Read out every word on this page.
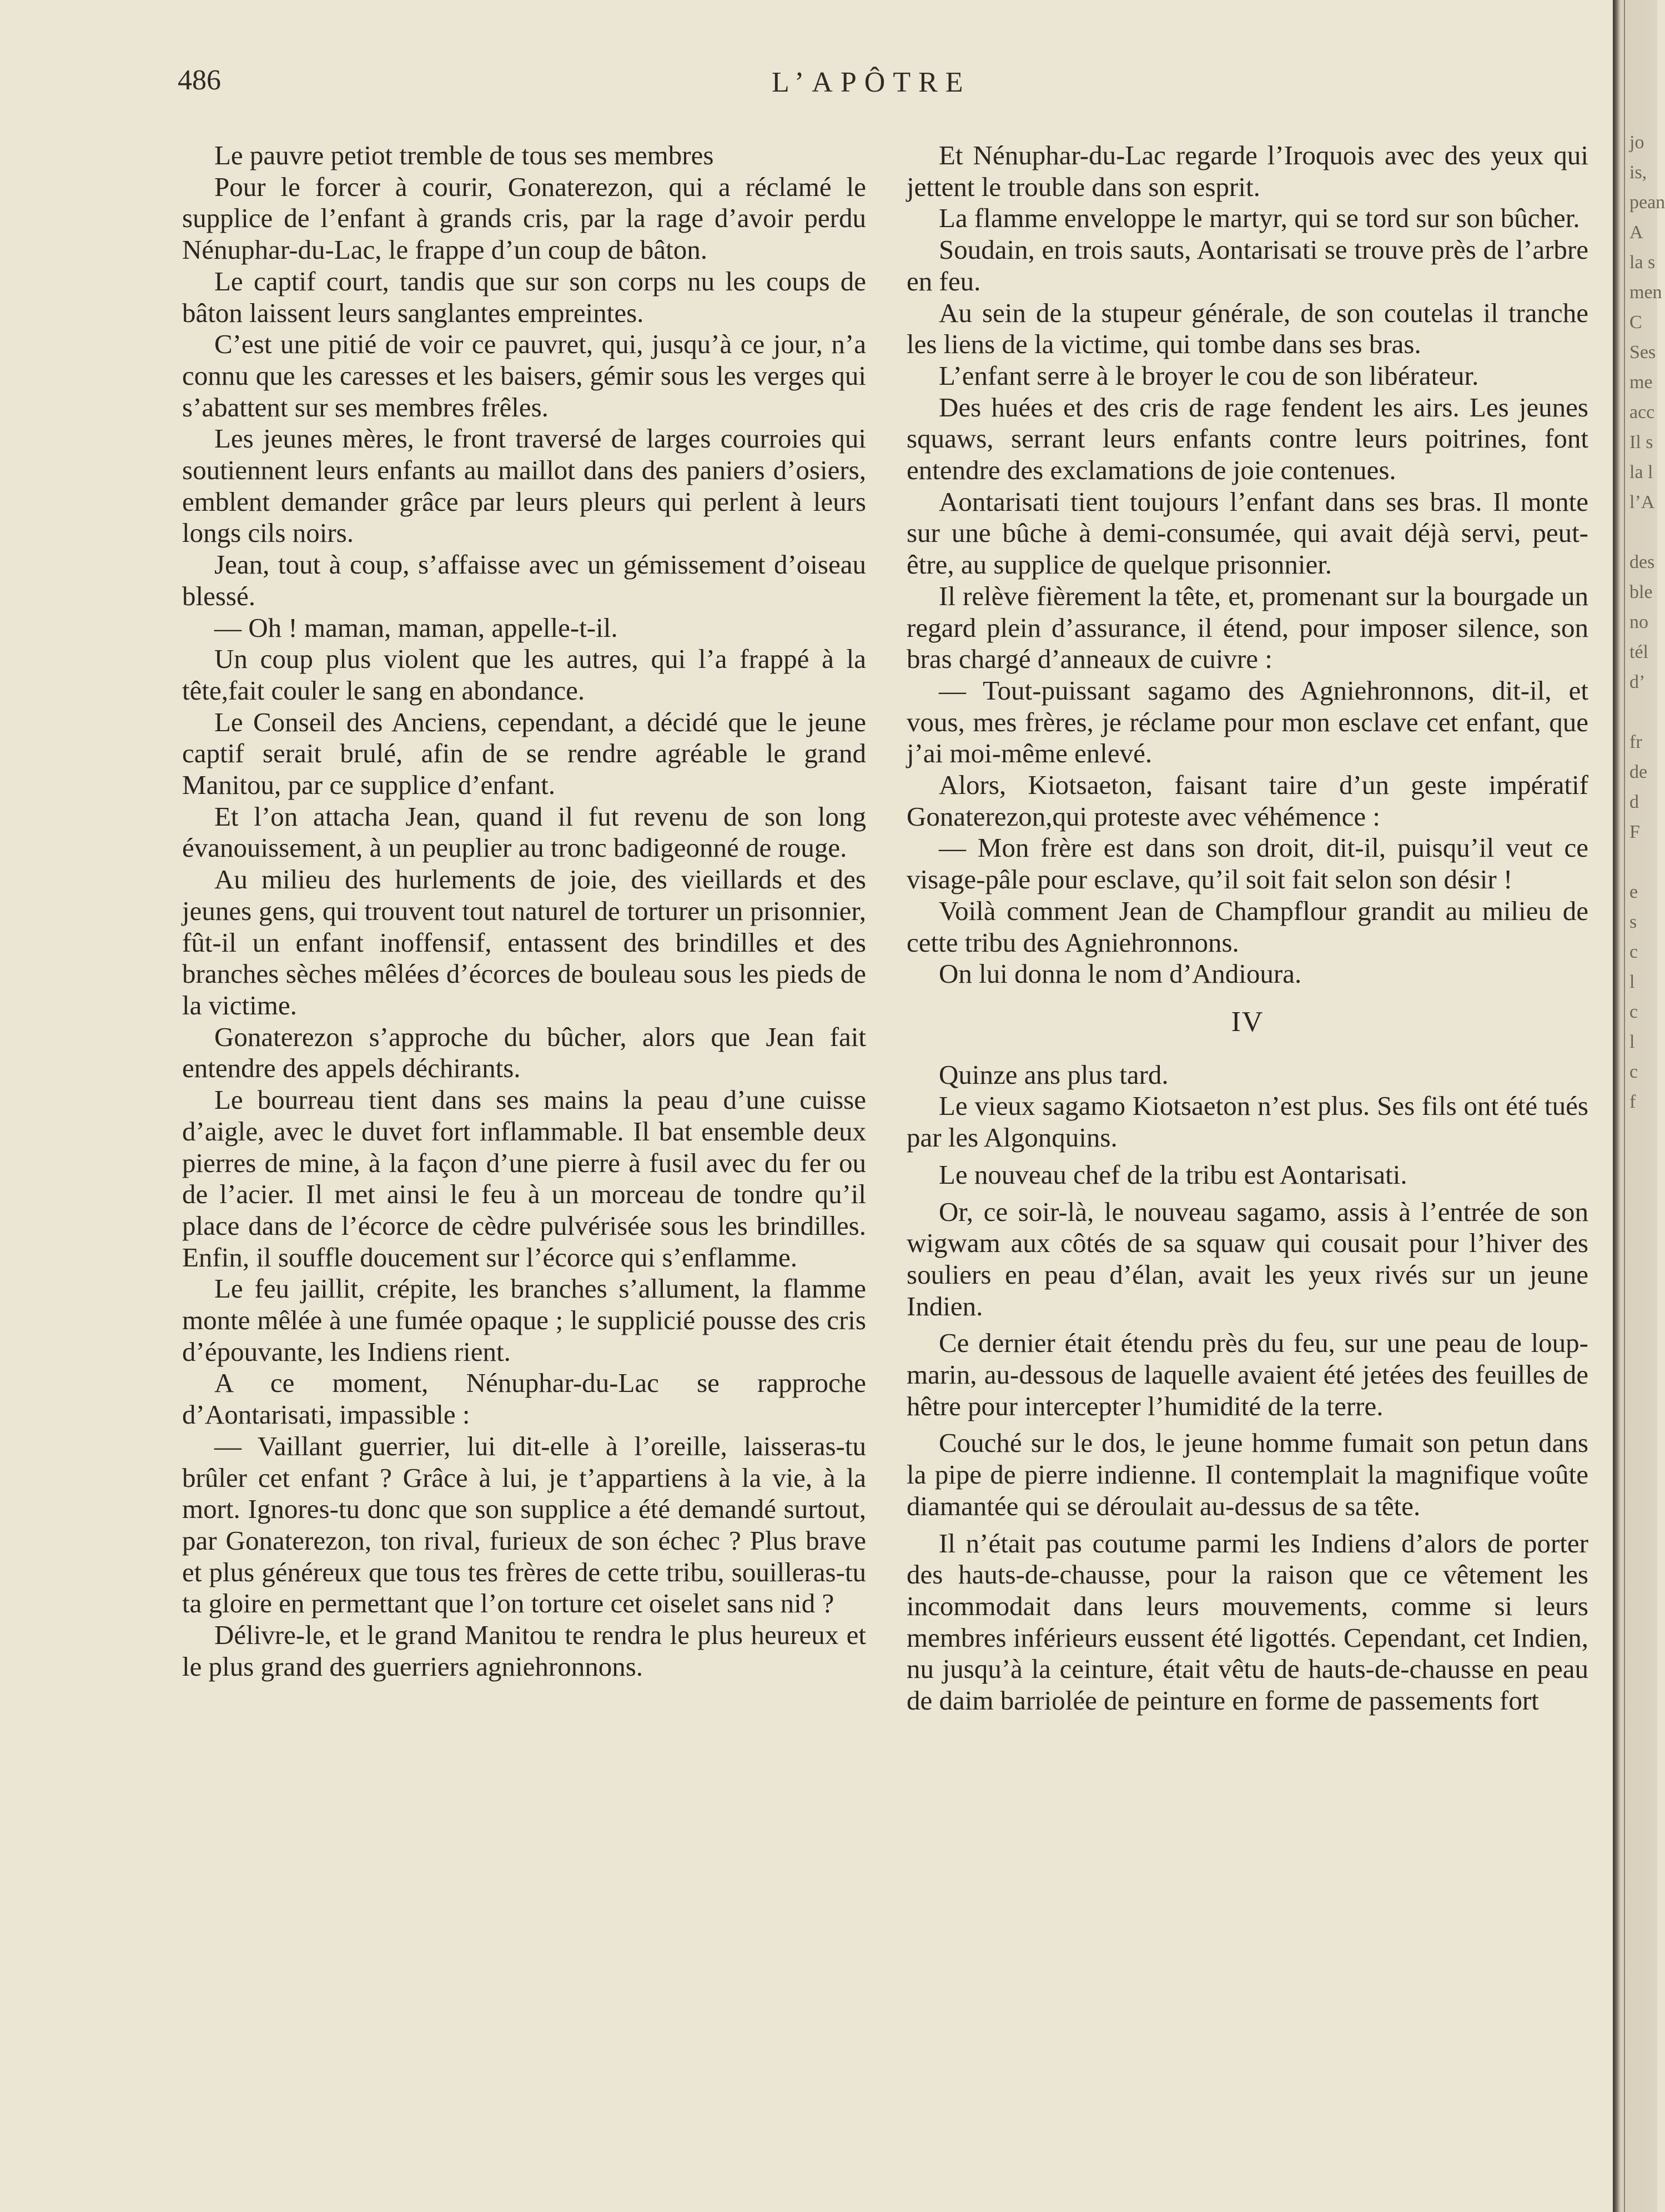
486	L’APÔTRE

Le pauvre petiot tremble de tous ses membres

Pour le forcer à courir, Gonaterezon, qui a réclamé le supplice de l’enfant à grands cris, par la rage d’avoir perdu Nénuphar-du-Lac, le frappe d’un coup de bâton.

Le captif court, tandis que sur son corps nu les coups de bâton laissent leurs sanglantes empreintes.

C’est une pitié de voir ce pauvret, qui, jusqu’à ce jour, n’a connu que les caresses et les baisers, gémir sous les verges qui s’abattent sur ses membres frêles.

Les jeunes mères, le front traversé de larges courroies qui soutiennent leurs enfants au maillot dans des paniers d’osiers, emblent demander grâce par leurs pleurs qui perlent à leurs longs cils noirs.

Jean, tout à coup, s’affaisse avec un gémissement d’oiseau blessé.

— Oh ! maman, maman, appelle-t-il.

Un coup plus violent que les autres, qui l’a frappé à la tête,fait couler le sang en abondance.

Le Conseil des Anciens, cependant, a décidé que le jeune captif serait brulé, afin de se rendre agréable le grand Manitou, par ce supplice d’enfant.

Et l’on attacha Jean, quand il fut revenu de son long évanouissement, à un peuplier au tronc badigeonné de rouge.

Au milieu des hurlements de joie, des vieillards et des jeunes gens, qui trouvent tout naturel de torturer un prisonnier, fût-il un enfant inoffensif, entassent des brindilles et des branches sèches mêlées d’écorces de bouleau sous les pieds de la victime.

Gonaterezon s’approche du bûcher, alors que Jean fait entendre des appels déchirants.

Le bourreau tient dans ses mains la peau d’une cuisse d’aigle, avec le duvet fort inflammable. Il bat ensemble deux pierres de mine, à la façon d’une pierre à fusil avec du fer ou de l’acier. Il met ainsi le feu à un morceau de tondre qu’il place dans de l’écorce de cèdre pulvérisée sous les brindilles. Enfin, il souffle doucement sur l’écorce qui s’enflamme.

Le feu jaillit, crépite, les branches s’allument, la flamme monte mêlée à une fumée opaque ; le supplicié pousse des cris d’épouvante, les Indiens rient.

A ce moment, Nénuphar-du-Lac se rapproche d’Aontarisati, impassible :

— Vaillant guerrier, lui dit-elle à l’oreille, laisseras-tu brûler cet enfant ? Grâce à lui, je t’appartiens à la vie, à la mort. Ignores-tu donc que son supplice a été demandé surtout, par Gonaterezon, ton rival, furieux de son échec ? Plus brave et plus généreux que tous tes frères de cette tribu, souilleras-tu ta gloire en permettant que l’on torture cet oiselet sans nid ?

Délivre-le, et le grand Manitou te rendra le plus heureux et le plus grand des guerriers agniehronnons.

Et Nénuphar-du-Lac regarde l’Iroquois avec des yeux qui jettent le trouble dans son esprit.

La flamme enveloppe le martyr, qui se tord sur son bûcher.

Soudain, en trois sauts, Aontarisati se trouve près de l’arbre en feu.

Au sein de la stupeur générale, de son coutelas il tranche les liens de la victime, qui tombe dans ses bras.

L’enfant serre à le broyer le cou de son libérateur.

Des huées et des cris de rage fendent les airs. Les jeunes squaws, serrant leurs enfants contre leurs poitrines, font entendre des exclamations de joie contenues.

Aontarisati tient toujours l’enfant dans ses bras. Il monte sur une bûche à demi-consumée, qui avait déjà servi, peut- être, au supplice de quelque prisonnier.

Il relève fièrement la tête, et, promenant sur la bourgade un regard plein d’assurance, il étend, pour imposer silence, son bras chargé d’anneaux de cuivre :

— Tout-puissant sagamo des Agniehronnons, dit-il, et vous, mes frères, je réclame pour mon esclave cet enfant, que j’ai moi-même enlevé.

Alors, Kiotsaeton, faisant taire d’un geste impératif Gonaterezon,qui proteste avec véhémence :

— Mon frère est dans son droit, dit-il, puisqu’il veut ce visage-pâle pour esclave, qu’il soit fait selon son désir !

Voilà comment Jean de Champflour grandit au milieu de cette tribu des Agniehronnons.

On lui donna le nom d’Andioura.

IV

Quinze ans plus tard.

Le vieux sagamo Kiotsaeton n’est plus. Ses fils ont été tués par les Algonquins.

Le nouveau chef de la tribu est Aontarisati.

Or, ce soir-là, le nouveau sagamo, assis à l’entrée de son wigwam aux côtés de sa squaw qui cousait pour l’hiver des souliers en peau d’élan, avait les yeux rivés sur un jeune Indien.

Ce dernier était étendu près du feu, sur une peau de loup-marin, au-dessous de laquelle avaient été jetées des feuilles de hêtre pour intercepter l’humidité de la terre.

Couché sur le dos, le jeune homme fumait son petun dans la pipe de pierre indienne. Il contemplait la magnifique voûte diamantée qui se déroulait au-dessus de sa tête.

Il n’était pas coutume parmi les Indiens d’alors de porter des hauts-de-chausse, pour la raison que ce vêtement les incommodait dans leurs mouvements, comme si leurs membres inférieurs eussent été ligottés. Cependant, cet Indien, nu jusqu’à la ceinture, était vêtu de hauts-de-chausse en peau de daim barriolée de peinture en forme de passements fort

jo is,
pean
A
la s
men
C
Ses
me
acc
Il s
la l
l’A

des
ble
no
tél
d’

fr
de
d
F

e
s
c
l
c
l
c
f
